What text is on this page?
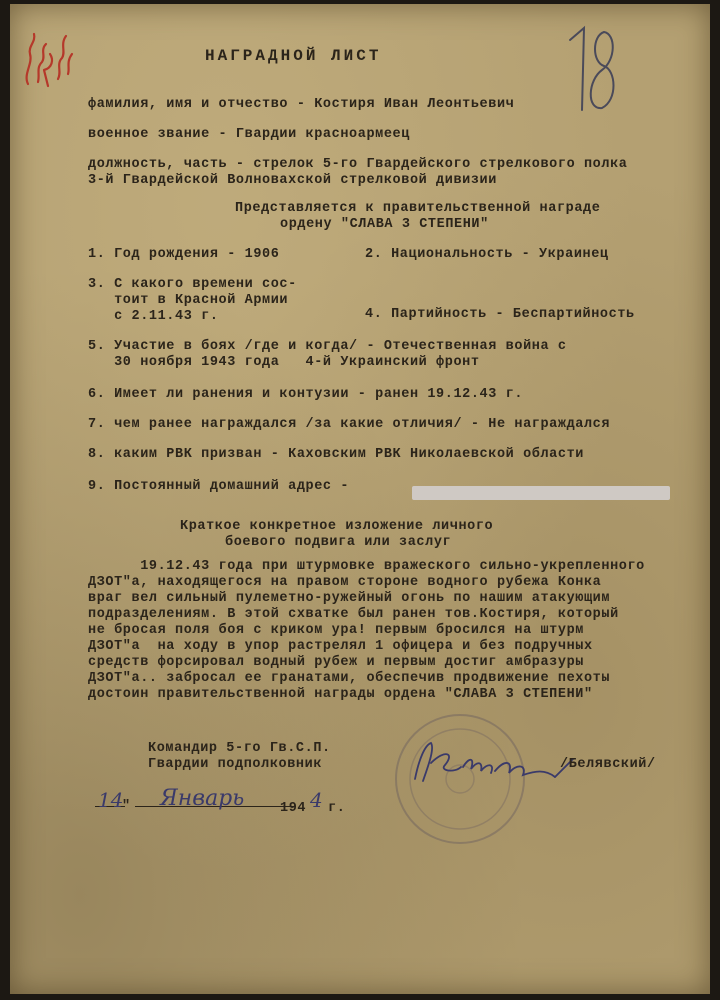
НАГРАДНОЙ ЛИСТ
фамилия, имя и отчество - Костиря Иван Леонтьевич
военное звание - Гвардии красноармеец
должность, часть - стрелок 5-го Гвардейского стрелкового полка
3-й Гвардейской Волновахской стрелковой дивизии
Представляется к правительственной награде
ордену "СЛАВА 3 СТЕПЕНИ"
1. Год рождения - 1906	2. Национальность - Украинец
3. С какого времени сос-
тоит в Красной Армии
с 2.11.43 г.	4. Партийность - Беспартийность
5. Участие в боях /где и когда/ - Отечественная война с
30 ноября 1943 года   4-й Украинский фронт
6. Имеет ли ранения и контузии - ранен 19.12.43 г.
7. чем ранее награждался /за какие отличия/ - Не награждался
8. каким РВК призван - Каховским РВК Николаевской области
9. Постоянный домашний адрес -
Краткое конкретное изложение личного
боевого подвига или заслуг
19.12.43 года при штурмовке вражеского сильно-укрепленного
ДЗОТ"а, находящегося на правом стороне водного рубежа Конка
враг вел сильный пулеметно-ружейный огонь по нашим атакующим
подразделениям. В этой схватке был ранен тов.Костиря, который
не бросая поля боя с криком ура! первым бросился на штурм
ДЗОТ"а  на ходу в упор растрелял 1 офицера и без подручных
средств форсировал водный рубеж и первым достиг амбразуры
ДЗОТ"а.. забросал ее гранатами, обеспечив продвижение пехоты
достоин правительственной награды ордена "СЛАВА 3 СТЕПЕНИ"
Командир 5-го Гв.С.П.
Гвардии подполковник	/Белявский/
14
" Январь	194 4 г.
